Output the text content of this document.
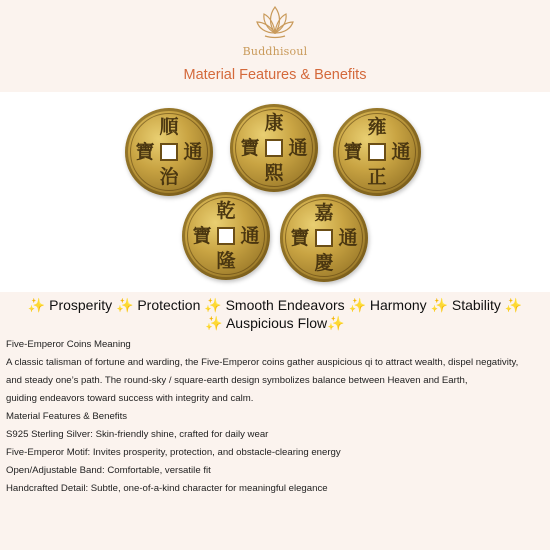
Buddhisoul
Material Features & Benefits
順
治
寶 通
康
熙
寶 通
雍
正
寶 通
乾
隆
寶 通
嘉
慶
寶 通
✨ Prosperity ✨ Protection ✨ Smooth Endeavors ✨ Harmony ✨ Stability ✨
✨ Auspicious Flow✨

Five-Emperor Coins Meaning

A classic talisman of fortune and warding, the Five-Emperor coins gather auspicious qi to attract wealth, dispel negativity,

and steady one’s path. The round-sky / square-earth design symbolizes balance between Heaven and Earth,

guiding endeavors toward success with integrity and calm.

Material Features & Benefits

S925 Sterling Silver: Skin-friendly shine, crafted for daily wear

Five-Emperor Motif: Invites prosperity, protection, and obstacle-clearing energy

Open/Adjustable Band: Comfortable, versatile fit

Handcrafted Detail: Subtle, one-of-a-kind character for meaningful elegance
